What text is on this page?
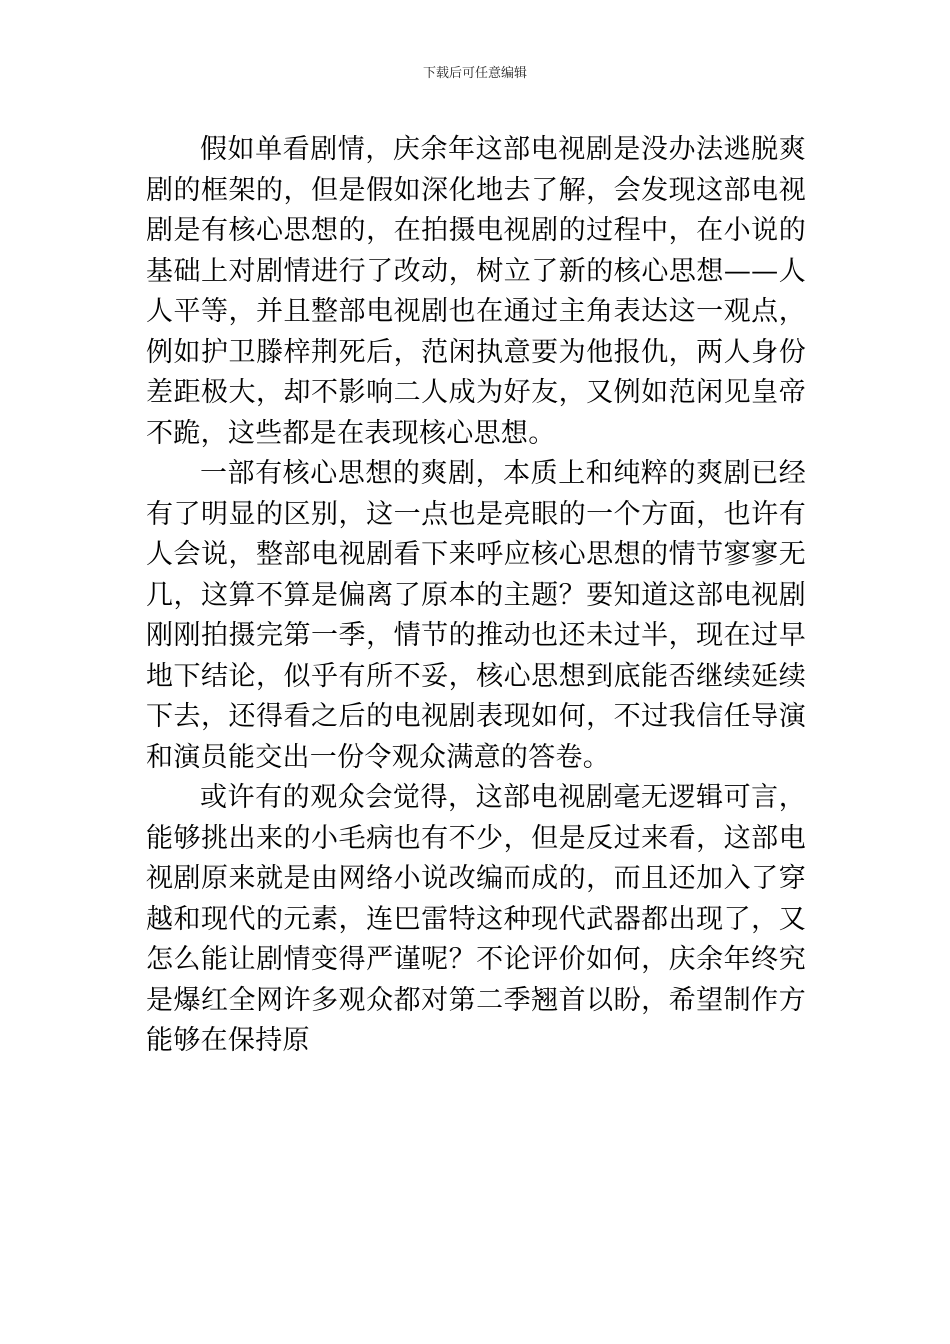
下载后可任意编辑

假如单看剧情，庆余年这部电视剧是没办法逃脱爽剧的框架的，但是假如深化地去了解，会发现这部电视剧是有核心思想的，在拍摄电视剧的过程中，在小说的基础上对剧情进行了改动，树立了新的核心思想——人人平等，并且整部电视剧也在通过主角表达这一观点，例如护卫滕梓荆死后，范闲执意要为他报仇，两人身份差距极大，却不影响二人成为好友，又例如范闲见皇帝不跪，这些都是在表现核心思想。

一部有核心思想的爽剧，本质上和纯粹的爽剧已经有了明显的区别，这一点也是亮眼的一个方面，也许有人会说，整部电视剧看下来呼应核心思想的情节寥寥无几，这算不算是偏离了原本的主题？要知道这部电视剧刚刚拍摄完第一季，情节的推动也还未过半，现在过早地下结论，似乎有所不妥，核心思想到底能否继续延续下去，还得看之后的电视剧表现如何，不过我信任导演和演员能交出一份令观众满意的答卷。

或许有的观众会觉得，这部电视剧毫无逻辑可言，能够挑出来的小毛病也有不少，但是反过来看，这部电视剧原来就是由网络小说改编而成的，而且还加入了穿越和现代的元素，连巴雷特这种现代武器都出现了，又怎么能让剧情变得严谨呢？不论评价如何，庆余年终究是爆红全网许多观众都对第二季翘首以盼，希望制作方能够在保持原
